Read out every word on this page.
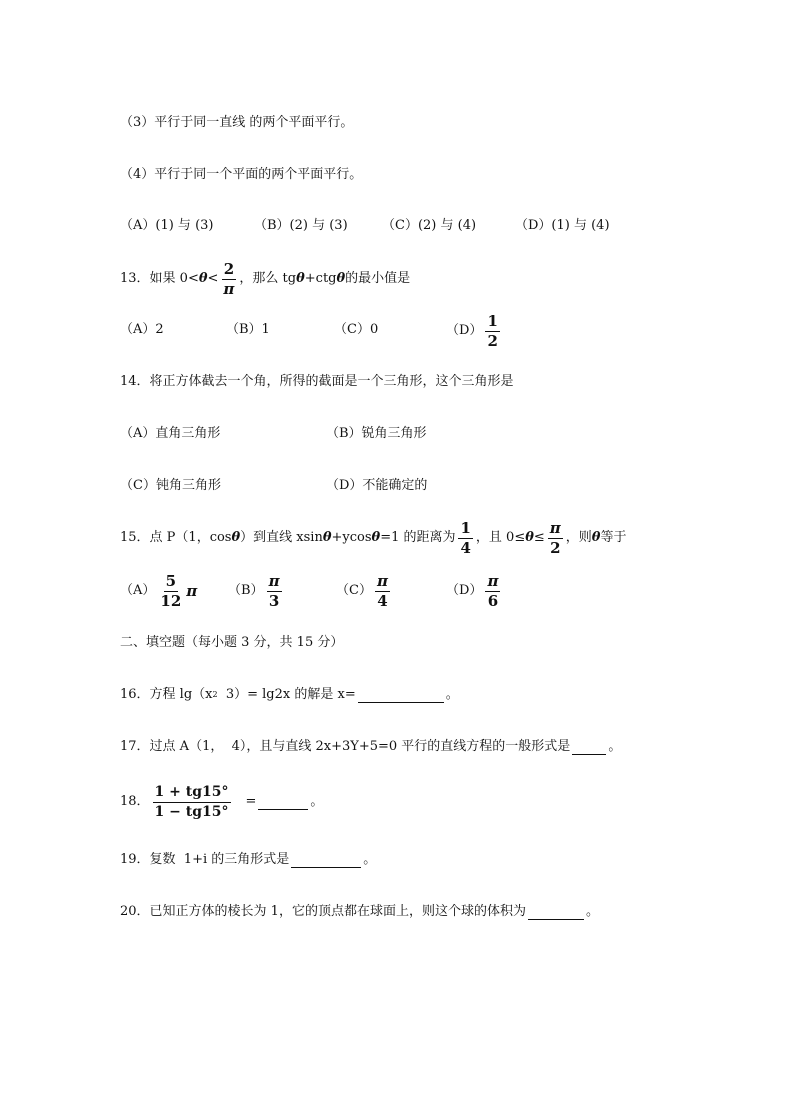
（3）平行于同一直线 的两个平面平行。
（4）平行于同一个平面的两个平面平行。
（A）(1) 与 (3)	（B）(2) 与 (3)	（C）(2) 与 (4)	（D）(1) 与 (4)
13．如果 $0< \theta < \frac{2}{\pi}$ ，那么 tg θ +ctg θ 的最小值是
（A）2	（B）1	（C）0	$(D) \frac{1}{2}$
14．将正方体截去一个角，所得的截面是一个三角形，这个三角形是
（A）直角三角形	（B）锐角三角形
（C）钝角三角形	（D）不能确定的
15．点 P（1，cos θ ）到直线 xsin θ +ycos θ =1 的距离为 $\frac{1}{4}$ ，且 $0\le \theta \le \frac{\pi}{2}$ ，则 θ 等于
$(A) \frac{5}{12}$ π $(B) \frac{\pi}{3}$	$(C) \frac{\pi}{4}$	$(D) \frac{\pi}{6}$
二、填空题（每小题 3 分，共 15 分）
16．方程 lg（x 2 3）= lg2x 的解是 x=	。
17．过点 A（1，  4），且与直线 2x+3Y+5=0 平行的直线方程的一般形式是	。
18． $\frac{1 + tg15^\circ}{1 - tg15^\circ}$ =	。
19．复数  1+i 的三角形式是	。
20．已知正方体的棱长为 1，它的顶点都在球面上，则这个球的体积为	。
